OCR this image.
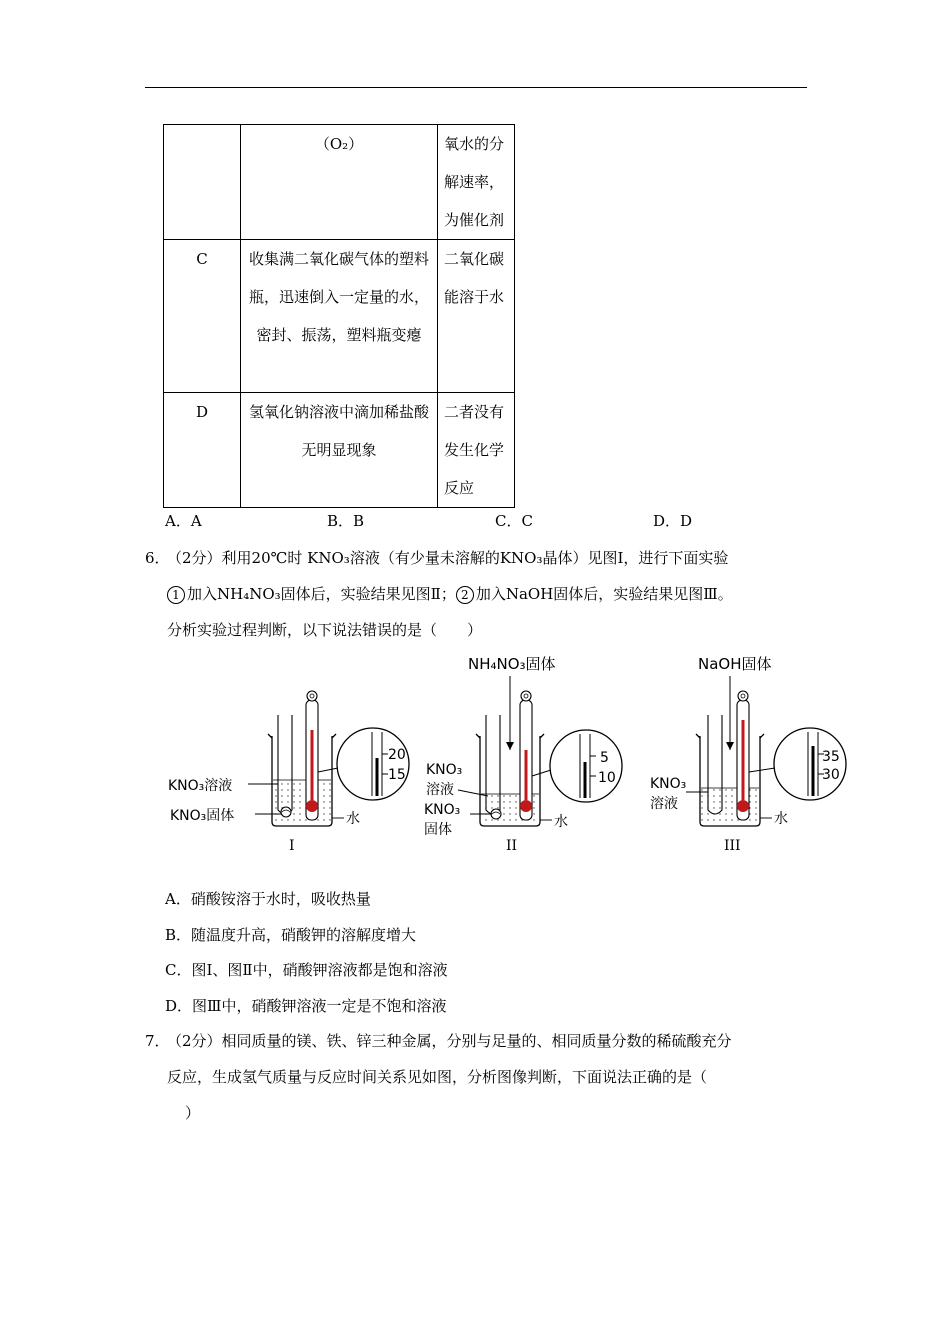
	（O₂）	氧水的分解速率，为催化剂
C	收集满二氧化碳气体的塑料瓶，迅速倒入一定量的水，密封、振荡，塑料瓶变瘪	二氧化碳能溶于水
D	氢氧化钠溶液中滴加稀盐酸无明显现象	二者没有发生化学反应
A．A	B．B	C．C	D．D
6．
（2分）利用20℃时 KNO₃溶液（有少量未溶解的KNO₃晶体）见图Ⅰ，进行下面实验
1 加入NH₄NO₃固体后，实验结果见图Ⅱ； 2 加入NaOH固体后，实验结果见图Ⅲ。
分析实验过程判断，以下说法错误的是（　　）
20
15
KNO₃溶液
KNO₃固体	水
I
NH₄NO₃固体
5
10
KNO₃
溶液
KNO₃
固体	水
II
NaOH固体
35
30
KNO₃
溶液
水
III
A．硝酸铵溶于水时，吸收热量
B．随温度升高，硝酸钾的溶解度增大
C．图Ⅰ、图Ⅱ中，硝酸钾溶液都是饱和溶液
D．图Ⅲ中，硝酸钾溶液一定是不饱和溶液
7．
（2分）相同质量的镁、铁、锌三种金属，分别与足量的、相同质量分数的稀硫酸充分
反应，生成氢气质量与反应时间关系见如图，分析图像判断，下面说法正确的是（
）
